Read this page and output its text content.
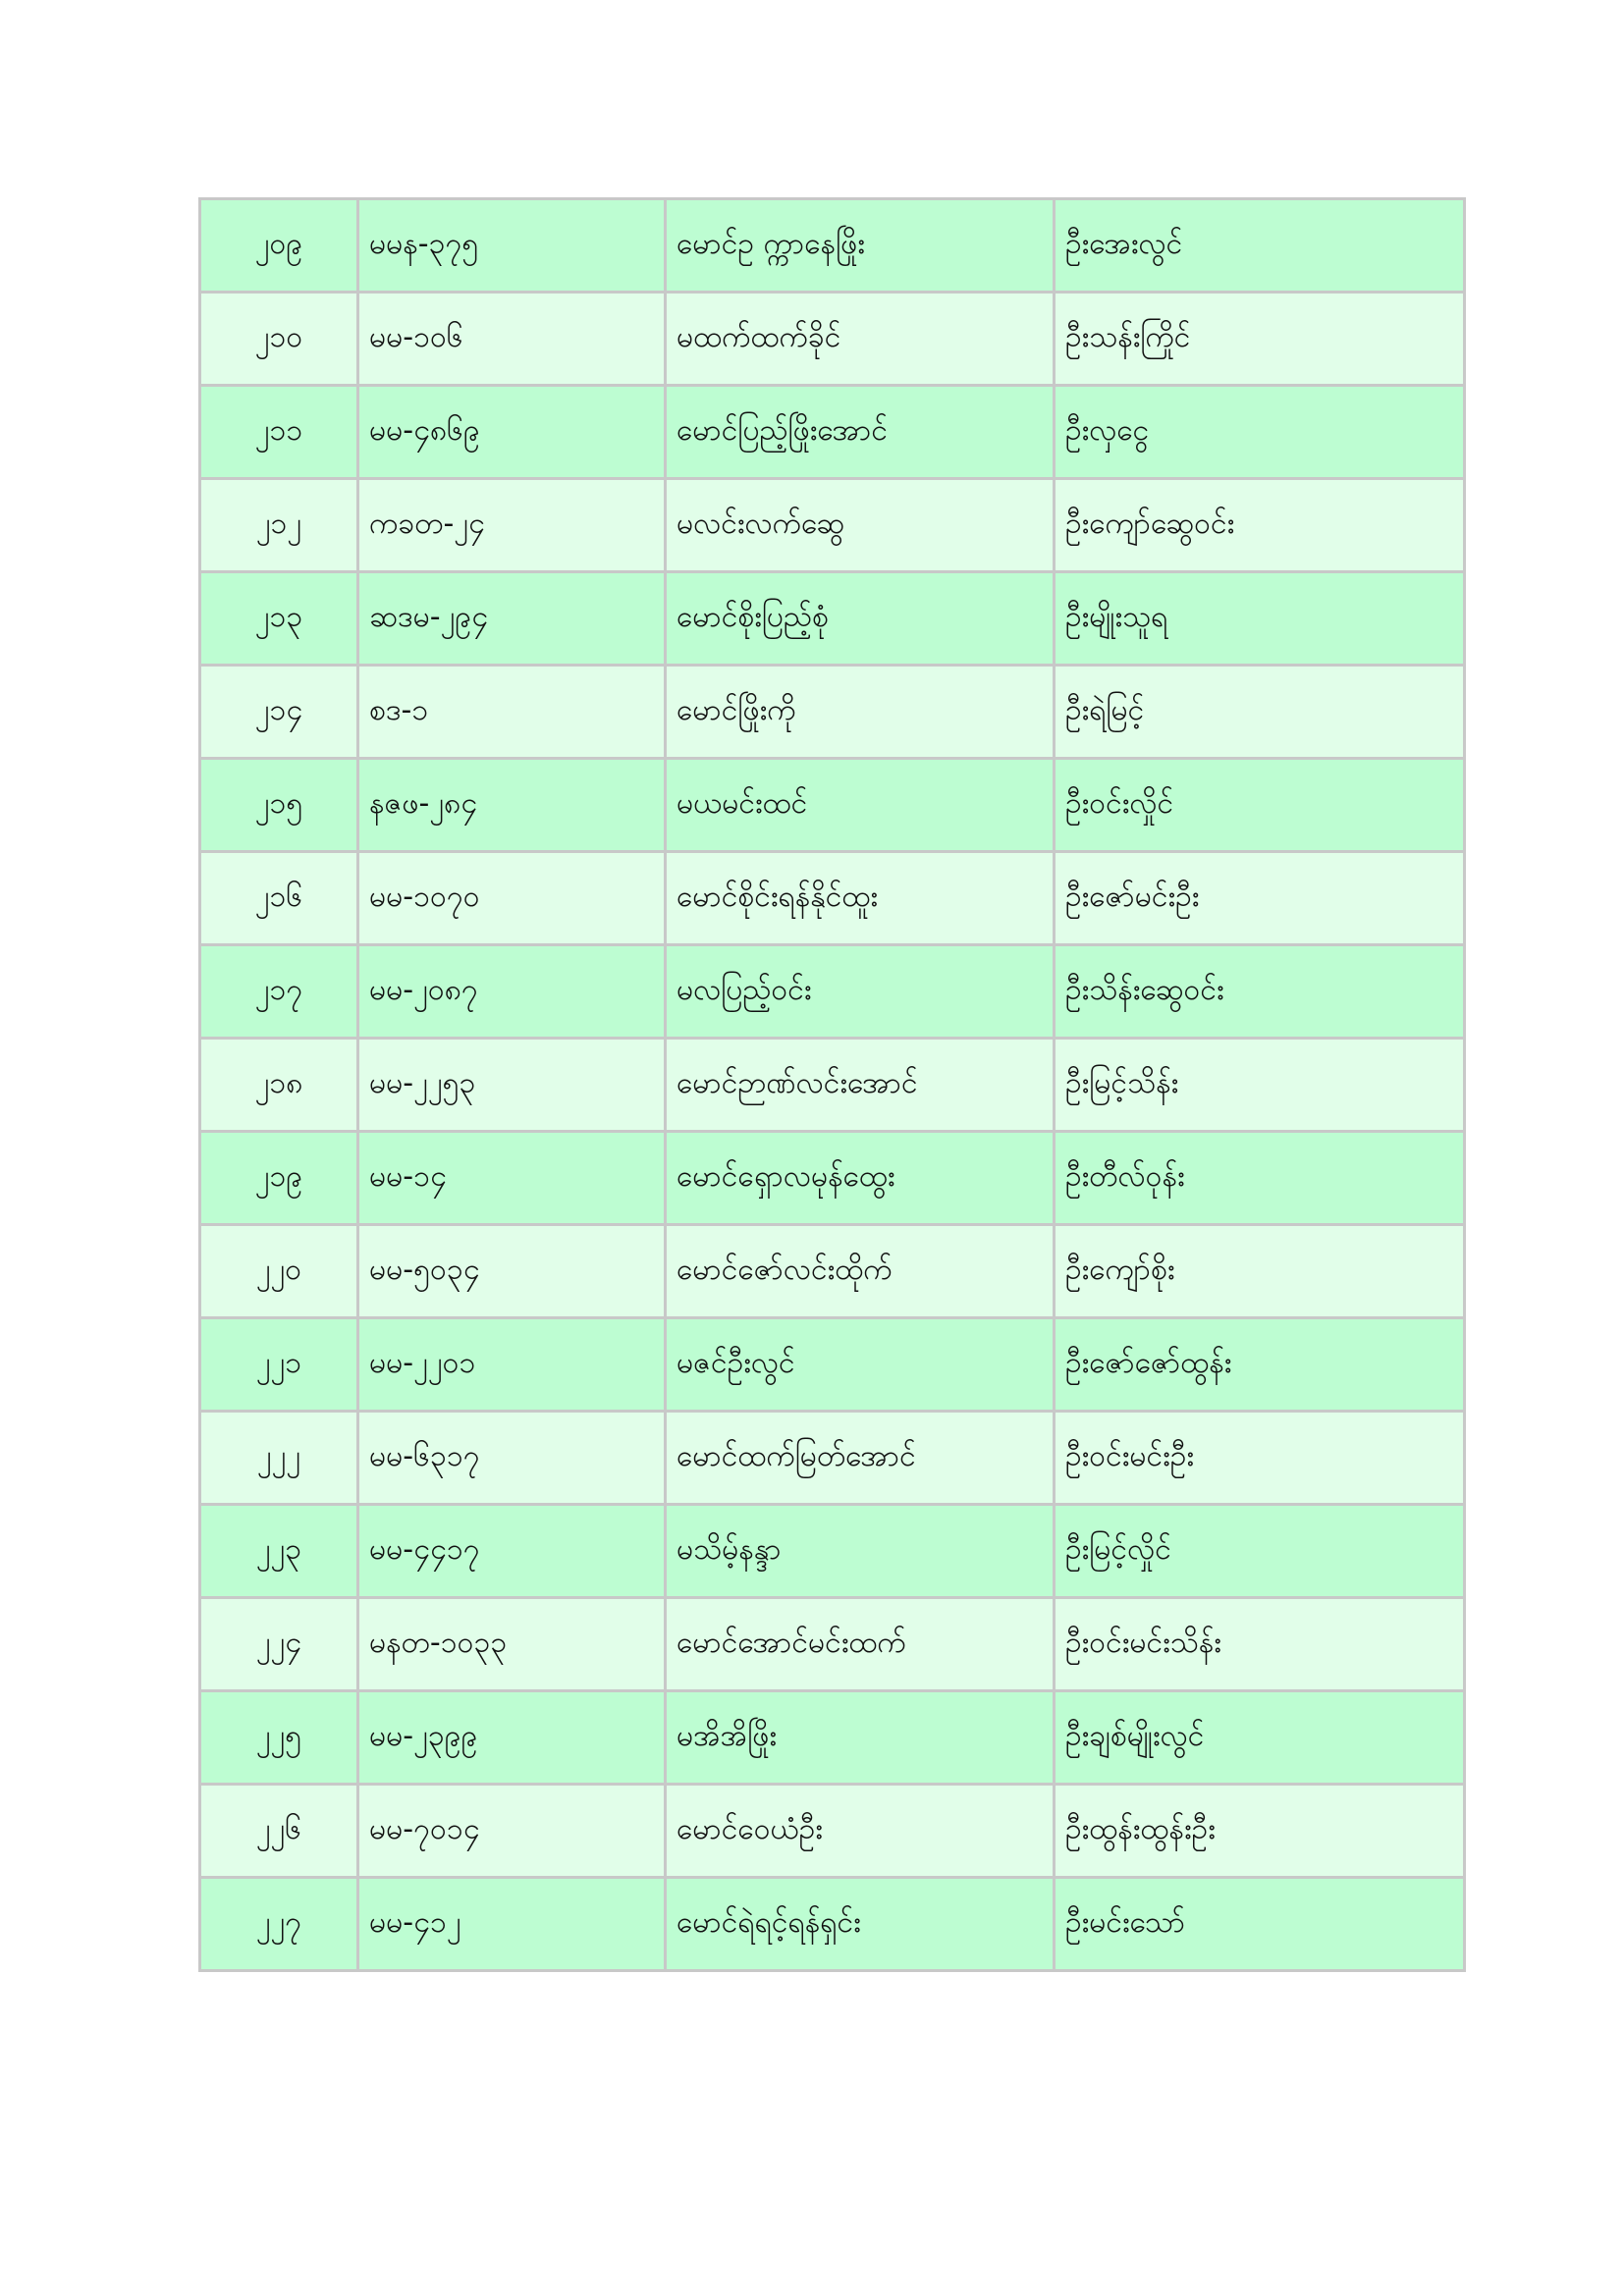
၂၀၉	မမန-၃၇၅	မောင်ဥ က္ကာနေဖြိုး	ဦးအေးလွင်
၂၁၀	မမ-၁၀၆	မထက်ထက်ခိုင်	ဦးသန်းကြိုင်
၂၁၁	မမ-၄၈၆၉	မောင်ပြည့်ဖြိုးအောင်	ဦးလှငွေ
၂၁၂	ကခတ-၂၄	မလင်းလက်ဆွေ	ဦးကျော်ဆွေဝင်း
၂၁၃	ဆဒမ-၂၉၄	မောင်စိုးပြည့်စုံ	ဦးမျိုးသူရ
၂၁၄	စဒ-၁	မောင်ဖြိုးကို	ဦးရဲမြင့်
၂၁၅	နဇဖ-၂၈၄	မယမင်းထင်	ဦးဝင်းလှိုင်
၂၁၆	မမ-၁၀၇၀	မောင်စိုင်းရန်နိုင်ထူး	ဦးဇော်မင်းဦး
၂၁၇	မမ-၂၀၈၇	မလပြည့်ဝင်း	ဦးသိန်းဆွေဝင်း
၂၁၈	မမ-၂၂၅၃	မောင်ဉာဏ်လင်းအောင်	ဦးမြင့်သိန်း
၂၁၉	မမ-၁၄	မောင်ရှောလမုန်ထွေး	ဦးတီလ်ဝုန်း
၂၂၀	မမ-၅၀၃၄	မောင်ဇော်လင်းထိုက်	ဦးကျော်စိုး
၂၂၁	မမ-၂၂၀၁	မဇင်ဦးလွင်	ဦးဇော်ဇော်ထွန်း
၂၂၂	မမ-၆၃၁၇	မောင်ထက်မြတ်အောင်	ဦးဝင်းမင်းဦး
၂၂၃	မမ-၄၄၁၇	မသိမ့်နန္ဒာ	ဦးမြင့်လှိုင်
၂၂၄	မနတ-၁၀၃၃	မောင်အောင်မင်းထက်	ဦးဝင်းမင်းသိန်း
၂၂၅	မမ-၂၃၉၉	မအိအိဖြိုး	ဦးချစ်မျိုးလွင်
၂၂၆	မမ-၇၀၁၄	မောင်ဝေယံဦး	ဦးထွန်းထွန်းဦး
၂၂၇	မမ-၄၁၂	မောင်ရဲရင့်ရန်ရှင်း	ဦးမင်းသော်
